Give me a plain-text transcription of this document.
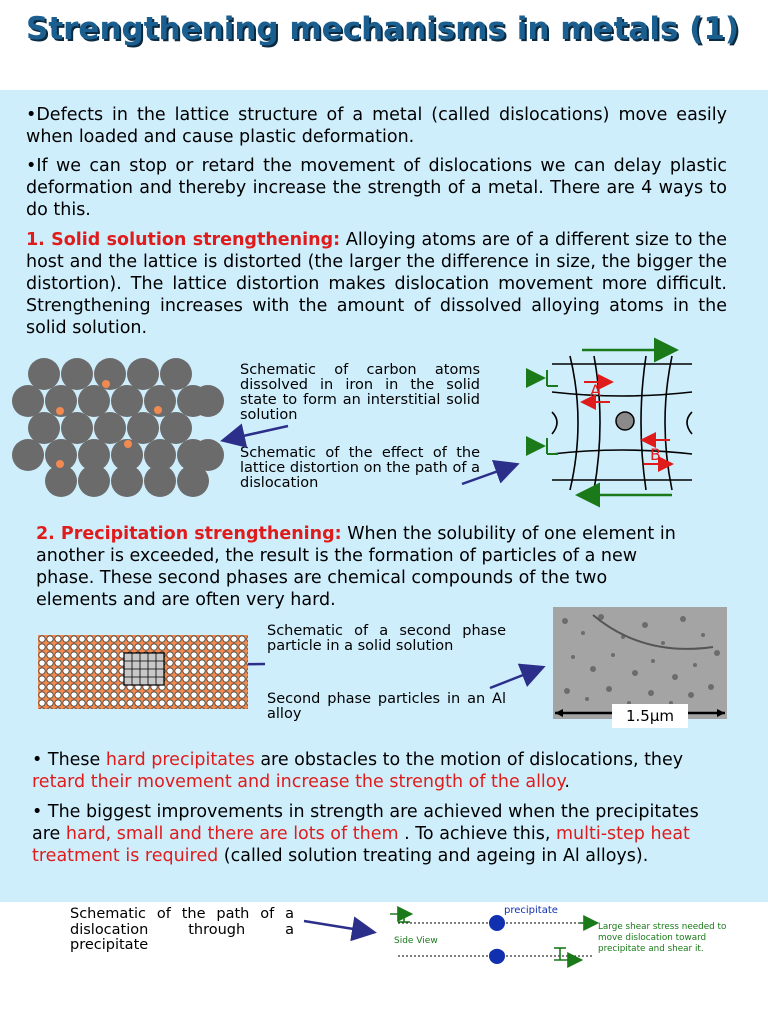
Strengthening mechanisms in metals (1)

•Defects in the lattice structure of a metal (called dislocations) move easily when loaded and cause plastic deformation.

•If we can stop or retard the movement of dislocations we can delay plastic deformation and thereby increase the strength of a metal. There are 4 ways to do this.

1. Solid solution strengthening: Alloying atoms are of a different size to the host and the lattice is distorted (the larger the difference in size, the bigger the distortion). The lattice distortion makes dislocation movement more difficult. Strengthening increases with the amount of dissolved alloying atoms in the solid solution.

Schematic of carbon atoms dissolved in iron in the solid state to form an interstitial solid solution

Schematic of the effect of the lattice distortion on the path of a dislocation

A
B

2. Precipitation strengthening: When the solubility of one element in another is exceeded, the result is the formation of particles of a new phase. These second phases are chemical compounds of the two elements and are often very hard.

Schematic of a second phase particle in a solid solution

Second phase particles in an Al alloy	1.5μm

• These hard precipitates are obstacles to the motion of dislocations, they retard their movement and increase the strength of the alloy.

• The biggest improvements in strength are achieved when the precipitates are hard, small and there are lots of them . To achieve this, multi-step heat treatment is required (called solution treating and ageing in Al alloys).

Schematic of the path of a dislocation through a precipitate

precipitate
Side View

Large shear stress needed to move dislocation toward precipitate and shear it.
